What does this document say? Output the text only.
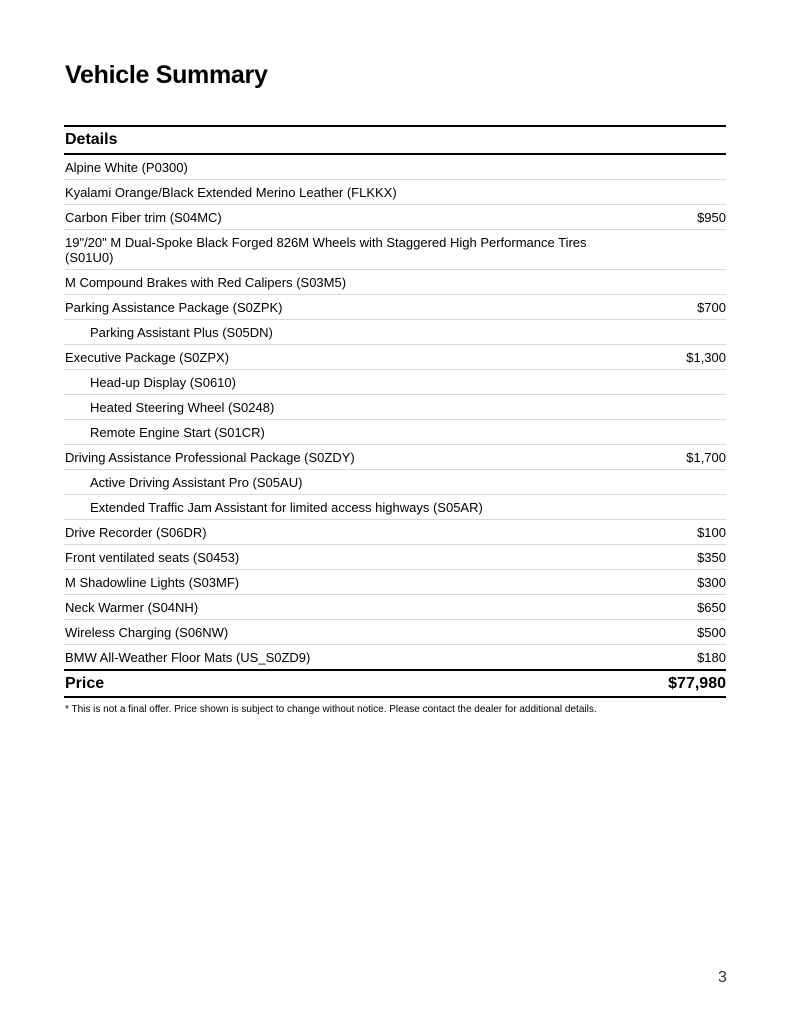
Vehicle Summary
Details
Alpine White (P0300)
Kyalami Orange/Black Extended Merino Leather (FLKKX)
Carbon Fiber trim (S04MC)	$950
19"/20" M Dual-Spoke Black Forged 826M Wheels with Staggered High Performance Tires (S01U0)
M Compound Brakes with Red Calipers (S03M5)
Parking Assistance Package (S0ZPK)	$700
Parking Assistant Plus (S05DN)
Executive Package (S0ZPX)	$1,300
Head-up Display (S0610)
Heated Steering Wheel (S0248)
Remote Engine Start (S01CR)
Driving Assistance Professional Package (S0ZDY)	$1,700
Active Driving Assistant Pro (S05AU)
Extended Traffic Jam Assistant for limited access highways (S05AR)
Drive Recorder (S06DR)	$100
Front ventilated seats (S0453)	$350
M Shadowline Lights (S03MF)	$300
Neck Warmer (S04NH)	$650
Wireless Charging (S06NW)	$500
BMW All-Weather Floor Mats (US_S0ZD9)	$180
Price	$77,980
* This is not a final offer. Price shown is subject to change without notice. Please contact the dealer for additional details.
3
